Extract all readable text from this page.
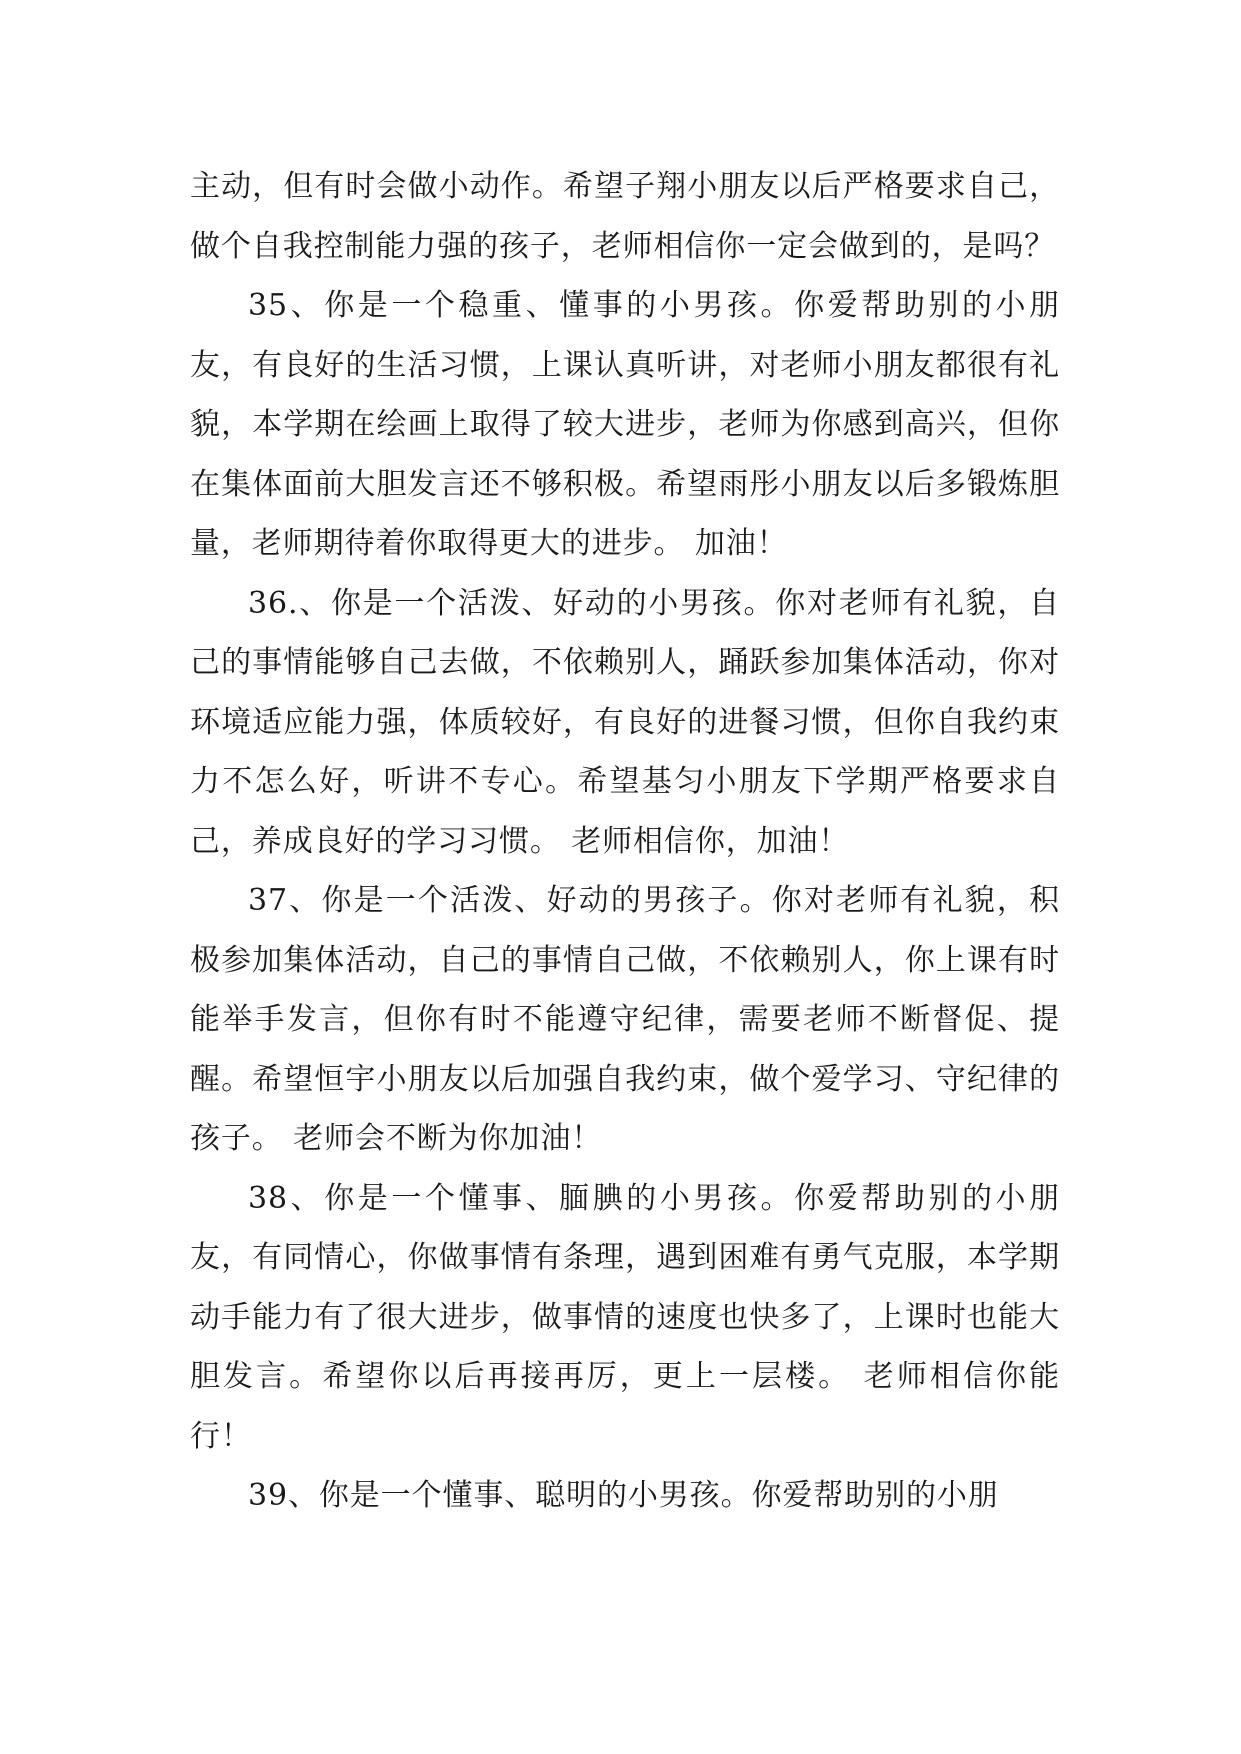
主动，但有时会做小动作。希望子翔小朋友以后严格要求自己，做个自我控制能力强的孩子，老师相信你一定会做到的，是吗？

35、你是一个稳重、懂事的小男孩。你爱帮助别的小朋友，有良好的生活习惯，上课认真听讲，对老师小朋友都很有礼貌，本学期在绘画上取得了较大进步，老师为你感到高兴，但你在集体面前大胆发言还不够积极。希望雨彤小朋友以后多锻炼胆量，老师期待着你取得更大的进步。 加油！

36.、你是一个活泼、好动的小男孩。你对老师有礼貌，自己的事情能够自己去做，不依赖别人，踊跃参加集体活动，你对环境适应能力强，体质较好，有良好的进餐习惯，但你自我约束力不怎么好，听讲不专心。希望基匀小朋友下学期严格要求自己，养成良好的学习习惯。 老师相信你，加油！

37、你是一个活泼、好动的男孩子。你对老师有礼貌，积极参加集体活动，自己的事情自己做，不依赖别人，你上课有时能举手发言，但你有时不能遵守纪律，需要老师不断督促、提醒。希望恒宇小朋友以后加强自我约束，做个爱学习、守纪律的孩子。 老师会不断为你加油！

38、你是一个懂事、腼腆的小男孩。你爱帮助别的小朋友，有同情心，你做事情有条理，遇到困难有勇气克服，本学期动手能力有了很大进步，做事情的速度也快多了，上课时也能大胆发言。希望你以后再接再厉，更上一层楼。 老师相信你能行！

39、你是一个懂事、聪明的小男孩。你爱帮助别的小朋
